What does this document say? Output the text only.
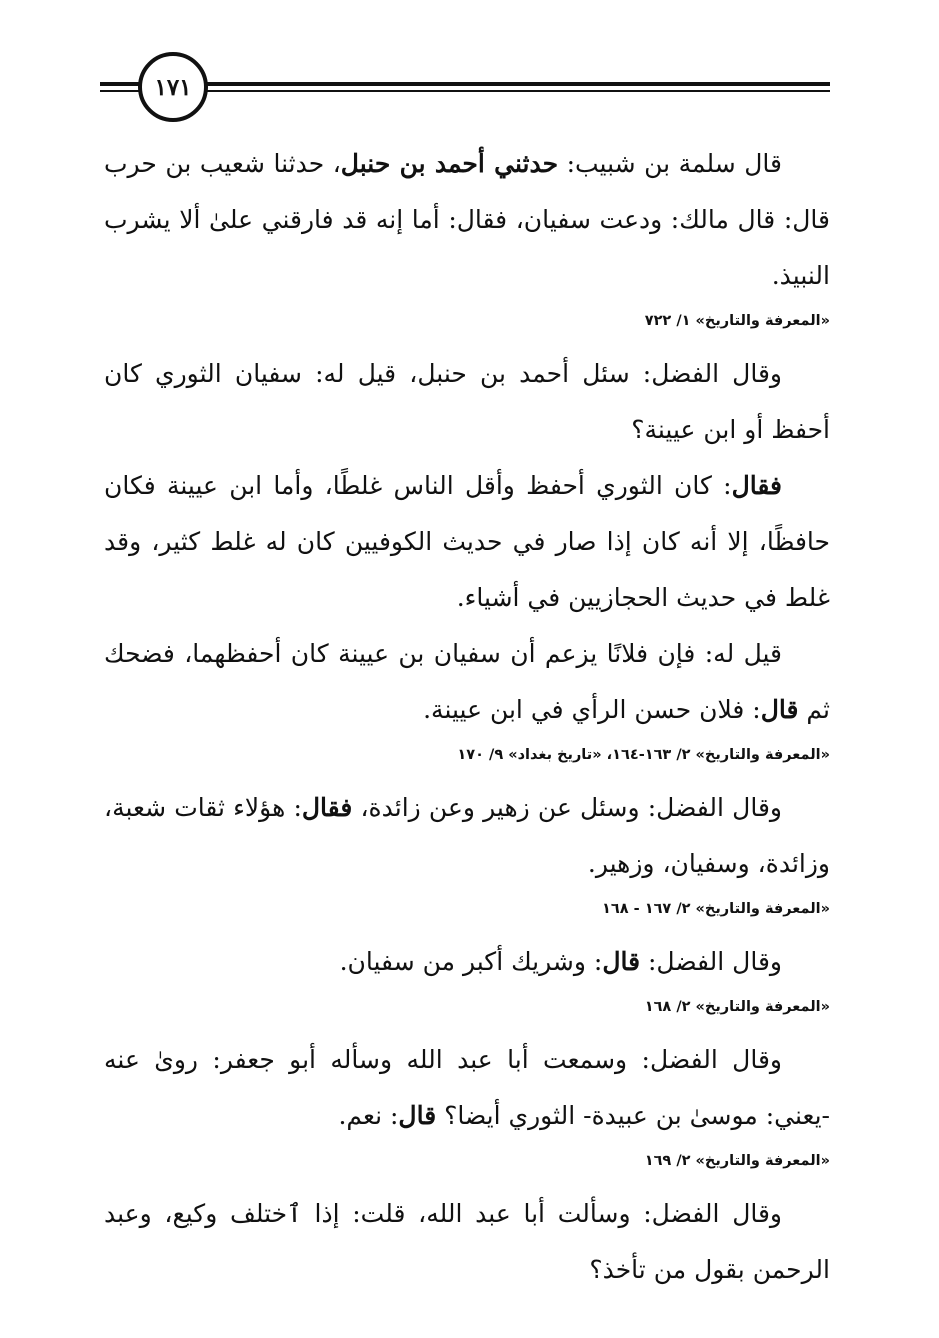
١٧١

قال سلمة بن شبيب: حدثني أحمد بن حنبل، حدثنا شعيب بن حرب قال: قال مالك: ودعت سفيان، فقال: أما إنه قد فارقني علىٰ ألا يشرب النبيذ.

«المعرفة والتاريخ» ١/ ٧٢٢

وقال الفضل: سئل أحمد بن حنبل، قيل له: سفيان الثوري كان أحفظ أو ابن عيينة؟

فقال: كان الثوري أحفظ وأقل الناس غلطًا، وأما ابن عيينة فكان حافظًا، إلا أنه كان إذا صار في حديث الكوفيين كان له غلط كثير، وقد غلط في حديث الحجازيين في أشياء.

قيل له: فإن فلانًا يزعم أن سفيان بن عيينة كان أحفظهما، فضحك ثم قال: فلان حسن الرأي في ابن عيينة.

«المعرفة والتاريخ» ٢/ ١٦٣-١٦٤، «تاريخ بغداد» ٩/ ١٧٠

وقال الفضل: وسئل عن زهير وعن زائدة، فقال: هؤلاء ثقات شعبة، وزائدة، وسفيان، وزهير.

«المعرفة والتاريخ» ٢/ ١٦٧ - ١٦٨

وقال الفضل: قال: وشريك أكبر من سفيان.

«المعرفة والتاريخ» ٢/ ١٦٨

وقال الفضل: وسمعت أبا عبد الله وسأله أبو جعفر: روىٰ عنه -يعني: موسىٰ بن عبيدة- الثوري أيضا؟ قال: نعم.

«المعرفة والتاريخ» ٢/ ١٦٩

وقال الفضل: وسألت أبا عبد الله، قلت: إذا ٱختلف وكيع، وعبد الرحمن بقول من تأخذ؟
